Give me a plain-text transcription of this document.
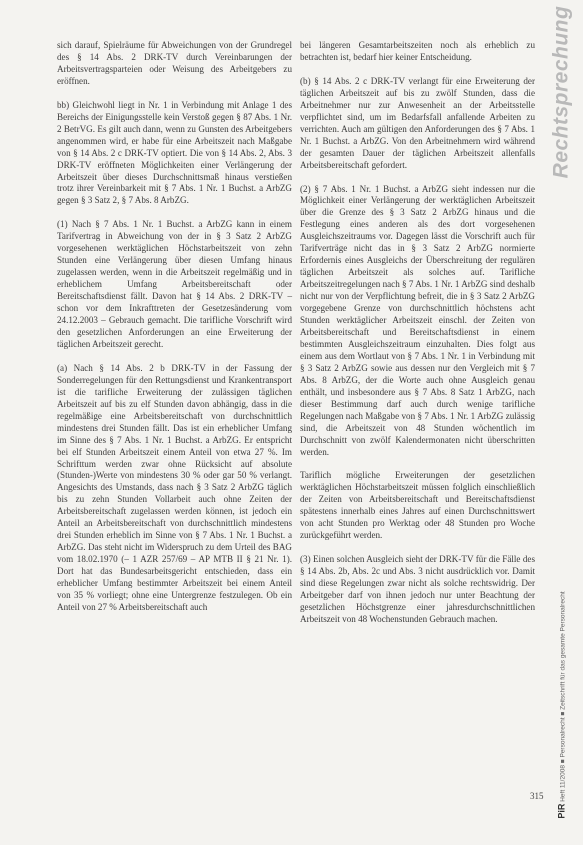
sich darauf, Spielräume für Abweichungen von der Grundregel des § 14 Abs. 2 DRK-TV durch Vereinbarungen der Arbeitsvertragsparteien oder Weisung des Arbeitgebers zu eröffnen.

bb) Gleichwohl liegt in Nr. 1 in Verbindung mit Anlage 1 des Bereichs der Einigungsstelle kein Verstoß gegen § 87 Abs. 1 Nr. 2 BetrVG. Es gilt auch dann, wenn zu Gunsten des Arbeitgebers angenommen wird, er habe für eine Arbeitszeit nach Maßgabe von § 14 Abs. 2 c DRK-TV optiert. Die von § 14 Abs. 2, Abs. 3 DRK-TV eröffneten Möglichkeiten einer Verlängerung der Arbeitszeit über dieses Durchschnittsmaß hinaus verstießen trotz ihrer Vereinbarkeit mit § 7 Abs. 1 Nr. 1 Buchst. a ArbZG gegen § 3 Satz 2, § 7 Abs. 8 ArbZG.

(1) Nach § 7 Abs. 1 Nr. 1 Buchst. a ArbZG kann in einem Tarifvertrag in Abweichung von der in § 3 Satz 2 ArbZG vorgesehenen werktäglichen Höchstarbeitszeit von zehn Stunden eine Verlängerung über diesen Umfang hinaus zugelassen werden, wenn in die Arbeitszeit regelmäßig und in erheblichem Umfang Arbeitsbereitschaft oder Bereitschaftsdienst fällt. Davon hat § 14 Abs. 2 DRK-TV – schon vor dem Inkrafttreten der Gesetzesänderung vom 24.12.2003 – Gebrauch gemacht. Die tarifliche Vorschrift wird den gesetzlichen Anforderungen an eine Erweiterung der täglichen Arbeitszeit gerecht.

(a) Nach § 14 Abs. 2 b DRK-TV in der Fassung der Sonderregelungen für den Rettungsdienst und Krankentransport ist die tarifliche Erweiterung der zulässigen täglichen Arbeitszeit auf bis zu elf Stunden davon abhängig, dass in die regelmäßige eine Arbeitsbereitschaft von durchschnittlich mindestens drei Stunden fällt. Das ist ein erheblicher Umfang im Sinne des § 7 Abs. 1 Nr. 1 Buchst. a ArbZG. Er entspricht bei elf Stunden Arbeitszeit einem Anteil von etwa 27 %. Im Schrifttum werden zwar ohne Rücksicht auf absolute (Stunden-)Werte von mindestens 30 % oder gar 50 % verlangt. Angesichts des Umstands, dass nach § 3 Satz 2 ArbZG täglich bis zu zehn Stunden Vollarbeit auch ohne Zeiten der Arbeitsbereitschaft zugelassen werden können, ist jedoch ein Anteil an Arbeitsbereitschaft von durchschnittlich mindestens drei Stunden erheblich im Sinne von § 7 Abs. 1 Nr. 1 Buchst. a ArbZG. Das steht nicht im Widerspruch zu dem Urteil des BAG vom 18.02.1970 (– 1 AZR 257/69 – AP MTB II § 21 Nr. 1). Dort hat das Bundesarbeitsgericht entschieden, dass ein erheblicher Umfang bestimmter Arbeitszeit bei einem Anteil von 35 % vorliegt; ohne eine Untergrenze festzulegen. Ob ein Anteil von 27 % Arbeitsbereitschaft auch

bei längeren Gesamtarbeitszeiten noch als erheblich zu betrachten ist, bedarf hier keiner Entscheidung.

(b) § 14 Abs. 2 c DRK-TV verlangt für eine Erweiterung der täglichen Arbeitszeit auf bis zu zwölf Stunden, dass die Arbeitnehmer nur zur Anwesenheit an der Arbeitsstelle verpflichtet sind, um im Bedarfsfall anfallende Arbeiten zu verrichten. Auch am gültigen den Anforderungen des § 7 Abs. 1 Nr. 1 Buchst. a ArbZG. Von den Arbeitnehmern wird während der gesamten Dauer der täglichen Arbeitszeit allenfalls Arbeitsbereitschaft gefordert.

(2) § 7 Abs. 1 Nr. 1 Buchst. a ArbZG sieht indessen nur die Möglichkeit einer Verlängerung der werktäglichen Arbeitszeit über die Grenze des § 3 Satz 2 ArbZG hinaus und die Festlegung eines anderen als des dort vorgesehenen Ausgleichszeitraums vor. Dagegen lässt die Vorschrift auch für Tarifverträge nicht das in § 3 Satz 2 ArbZG normierte Erfordernis eines Ausgleichs der Überschreitung der regulären täglichen Arbeitszeit als solches auf. Tarifliche Arbeitszeitregelungen nach § 7 Abs. 1 Nr. 1 ArbZG sind deshalb nicht nur von der Verpflichtung befreit, die in § 3 Satz 2 ArbZG vorgegebene Grenze von durchschnittlich höchstens acht Stunden werktäglicher Arbeitszeit einschl. der Zeiten von Arbeitsbereitschaft und Bereitschaftsdienst in einem bestimmten Ausgleichszeitraum einzuhalten. Dies folgt aus einem aus dem Wortlaut von § 7 Abs. 1 Nr. 1 in Verbindung mit § 3 Satz 2 ArbZG sowie aus dessen nur den Vergleich mit § 7 Abs. 8 ArbZG, der die Worte auch ohne Ausgleich genau enthält, und insbesondere aus § 7 Abs. 8 Satz 1 ArbZG, nach dieser Bestimmung darf auch durch wenige tarifliche Regelungen nach Maßgabe von § 7 Abs. 1 Nr. 1 ArbZG zulässig sind, die Arbeitszeit von 48 Stunden wöchentlich im Durchschnitt von zwölf Kalendermonaten nicht überschritten werden.

Tariflich mögliche Erweiterungen der gesetzlichen werktäglichen Höchstarbeitszeit müssen folglich einschließlich der Zeiten von Arbeitsbereitschaft und Bereitschaftsdienst spätestens innerhalb eines Jahres auf einen Durchschnittswert von acht Stunden pro Werktag oder 48 Stunden pro Woche zurückgeführt werden.

(3) Einen solchen Ausgleich sieht der DRK-TV für die Fälle des § 14 Abs. 2b, Abs. 2c und Abs. 3 nicht ausdrücklich vor. Damit sind diese Regelungen zwar nicht als solche rechtswidrig. Der Arbeitgeber darf von ihnen jedoch nur unter Beachtung der gesetzlichen Höchstgrenze einer jahresdurchschnittlichen Arbeitszeit von 48 Wochenstunden Gebrauch machen.

Rechtsprechung
PiR Heft 11/2008 ■ Personalrecht ■ Zeitschrift für das gesamte Personalrecht
315
